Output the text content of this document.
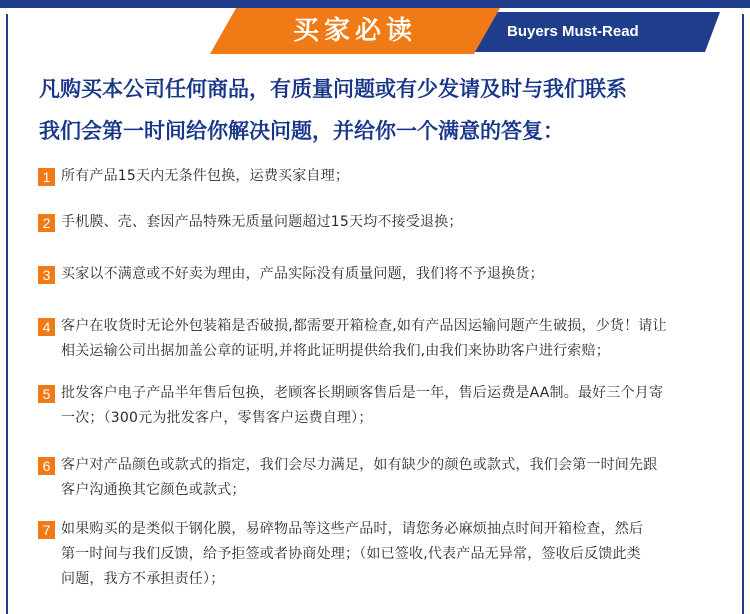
Buyers Must-Read
买家必读
凡购买本公司任何商品，有质量问题或有少发请及时与我们联系
我们会第一时间给你解决问题，并给你一个满意的答复：
1 所有产品15天内无条件包换，运费买家自理；
2 手机膜、壳、套因产品特殊无质量问题超过15天均不接受退换；
3 买家以不满意或不好卖为理由，产品实际没有质量问题，我们将不予退换货；
4 客户在收货时无论外包装箱是否破损,都需要开箱检查,如有产品因运输问题产生破损，少货！请让
相关运输公司出据加盖公章的证明,并将此证明提供给我们,由我们来协助客户进行索赔；
5 批发客户电子产品半年售后包换，老顾客长期顾客售后是一年，售后运费是AA制。最好三个月寄
一次；（300元为批发客户，零售客户运费自理）；
6 客户对产品颜色或款式的指定，我们会尽力满足，如有缺少的颜色或款式，我们会第一时间先跟
客户沟通换其它颜色或款式；
7 如果购买的是类似于钢化膜，易碎物品等这些产品时，请您务必麻烦抽点时间开箱检查，然后
第一时间与我们反馈，给予拒签或者协商处理；（如已签收,代表产品无异常，签收后反馈此类
问题，我方不承担责任）；
